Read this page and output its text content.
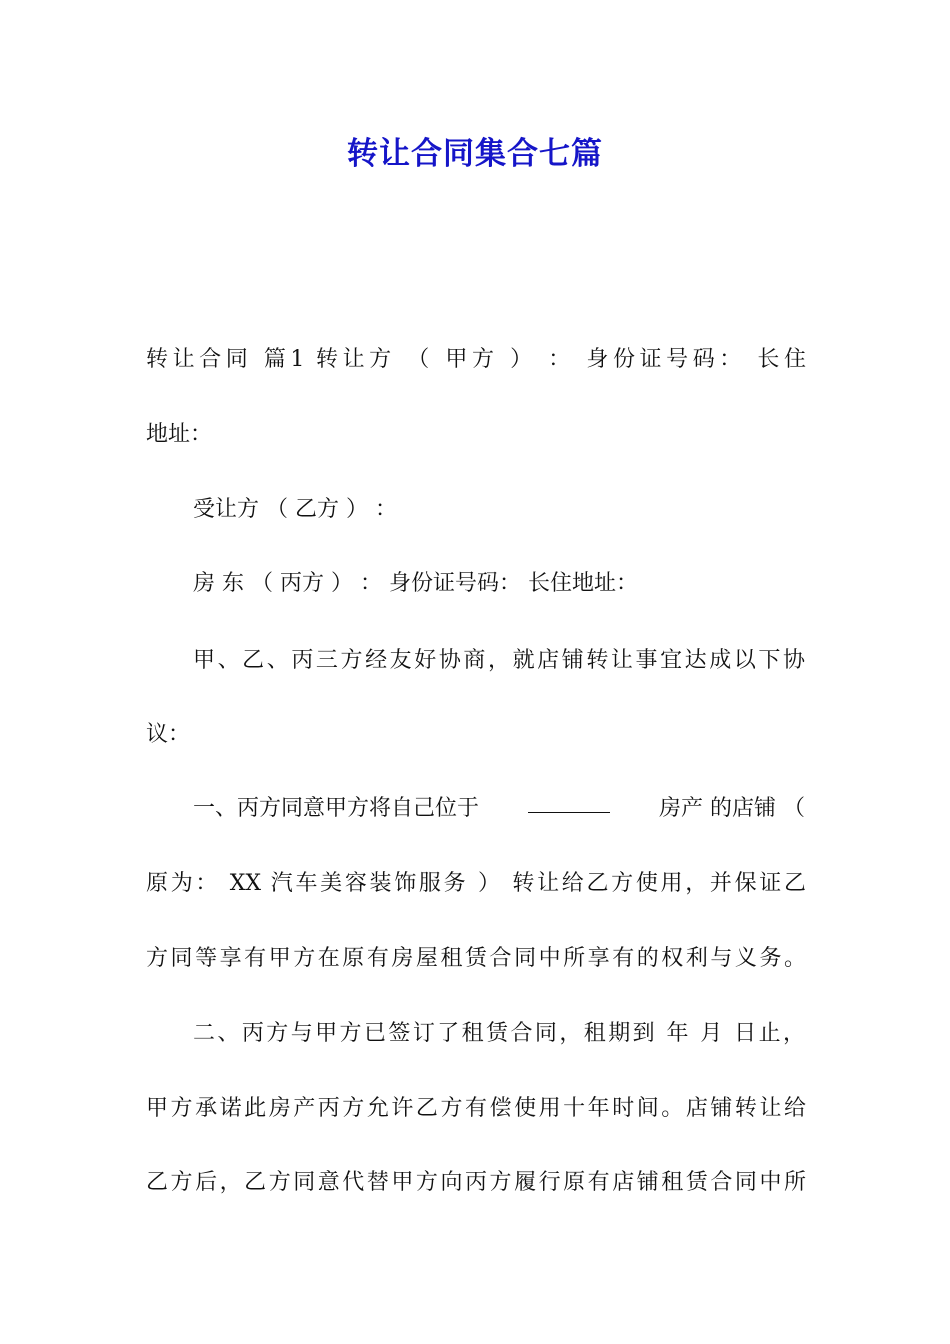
转让合同集合七篇
转让合同 篇1 转让方 （ 甲方 ） ： 身份证号码： 长住
地址：
受让方 （ 乙方 ） ：
房 东 （ 丙方 ） ： 身份证号码： 长住地址：
甲、乙、丙三方经友好协商，就店铺转让事宜达成以下协
议：
一、丙方同意甲方将自己位于	房产 的店铺 （
原为： XX 汽车美容装饰服务 ） 转让给乙方使用，并保证乙
方同等享有甲方在原有房屋租赁合同中所享有的权利与义务。
二、丙方与甲方已签订了租赁合同，租期到 年 月 日止，
甲方承诺此房产丙方允许乙方有偿使用十年时间。店铺转让给
乙方后，乙方同意代替甲方向丙方履行原有店铺租赁合同中所
